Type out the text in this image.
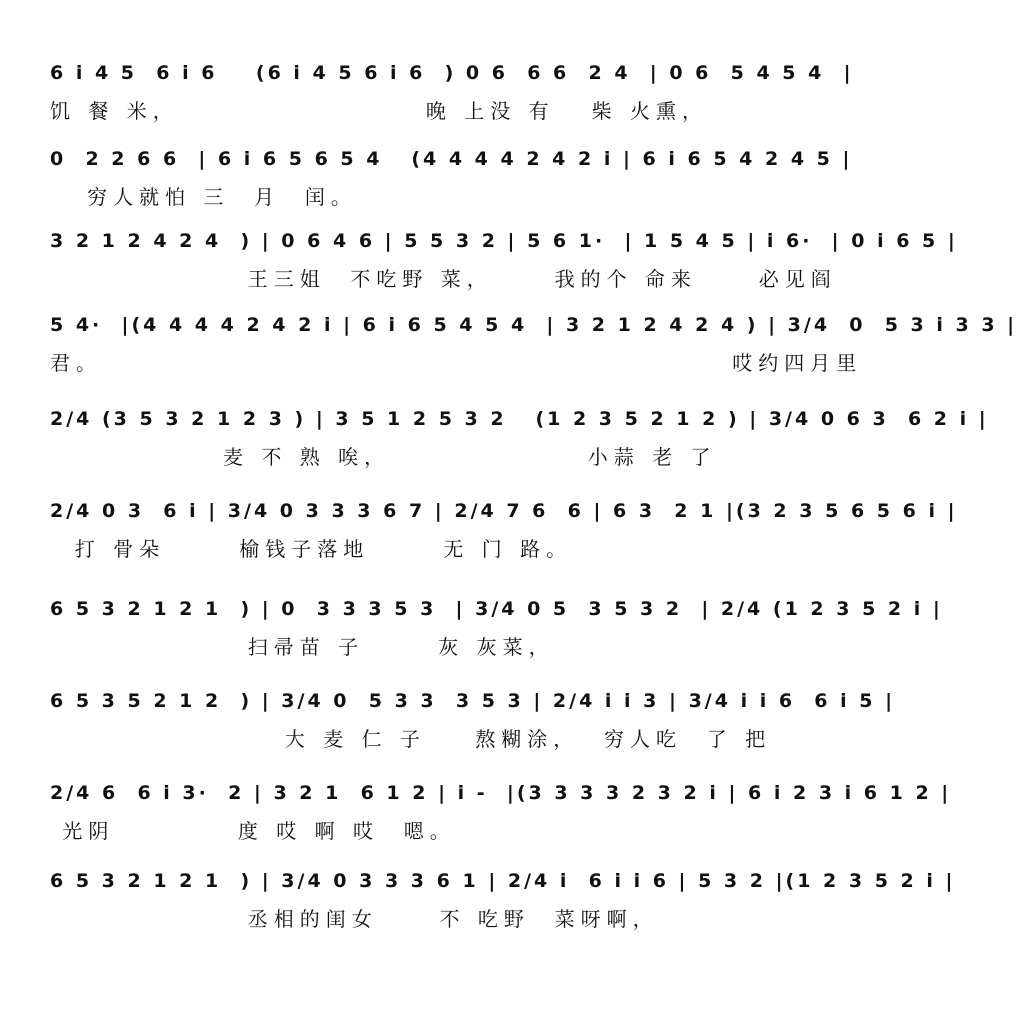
6 i 4 5  6 i 6    (6 i 4 5 6 i 6  ) 0 6  6 6  2 4  | 0 6  5 4 5 4  |
饥 餐 米，                    晚 上没 有   柴 火熏，
0  2 2 6 6  | 6 i 6 5 6 5 4   (4 4 4 4 2 4 2 i | 6 i 6 5 4 2 4 5 |
穷人就怕 三  月  闰。
3 2 1 2 4 2 4  ) | 0 6 4 6 | 5 5 3 2 | 5 6 1·  | 1 5 4 5 | i 6·  | 0 i 6 5 |
王三姐  不吃野 菜，     我的个 命来     必见阎
5 4·  |(4 4 4 4 2 4 2 i | 6 i 6 5 4 5 4  | 3 2 1 2 4 2 4 ) | 3/4  0  5 3 i 3 3 |
君。                                                   哎约四月里
2/4 (3 5 3 2 1 2 3 ) | 3 5 1 2 5 3 2   (1 2 3 5 2 1 2 ) | 3/4 0 6 3  6 2 i |
麦 不 熟 唉，                小蒜 老 了
2/4 0 3  6 i | 3/4 0 3 3 3 6 7 | 2/4 7 6  6 | 6 3  2 1 |(3 2 3 5 6 5 6 i |
打 骨朵      榆钱子落地      无 门 路。
6 5 3 2 1 2 1  ) | 0  3 3 3 5 3  | 3/4 0 5  3 5 3 2  | 2/4 (1 2 3 5 2 i |
扫帚苗 子      灰 灰菜，
6 5 3 5 2 1 2  ) | 3/4 0  5 3 3  3 5 3 | 2/4 i i 3 | 3/4 i i 6  6 i 5 |
大 麦 仁 子    熬糊涂，  穷人吃  了 把
2/4 6  6 i 3·  2 | 3 2 1  6 1 2 | i -  |(3 3 3 3 2 3 2 i | 6 i 2 3 i 6 1 2 |
光阴          度 哎 啊 哎  嗯。
6 5 3 2 1 2 1  ) | 3/4 0 3 3 3 6 1 | 2/4 i  6 i i 6 | 5 3 2 |(1 2 3 5 2 i |
丞相的闺女     不 吃野  菜呀啊，
